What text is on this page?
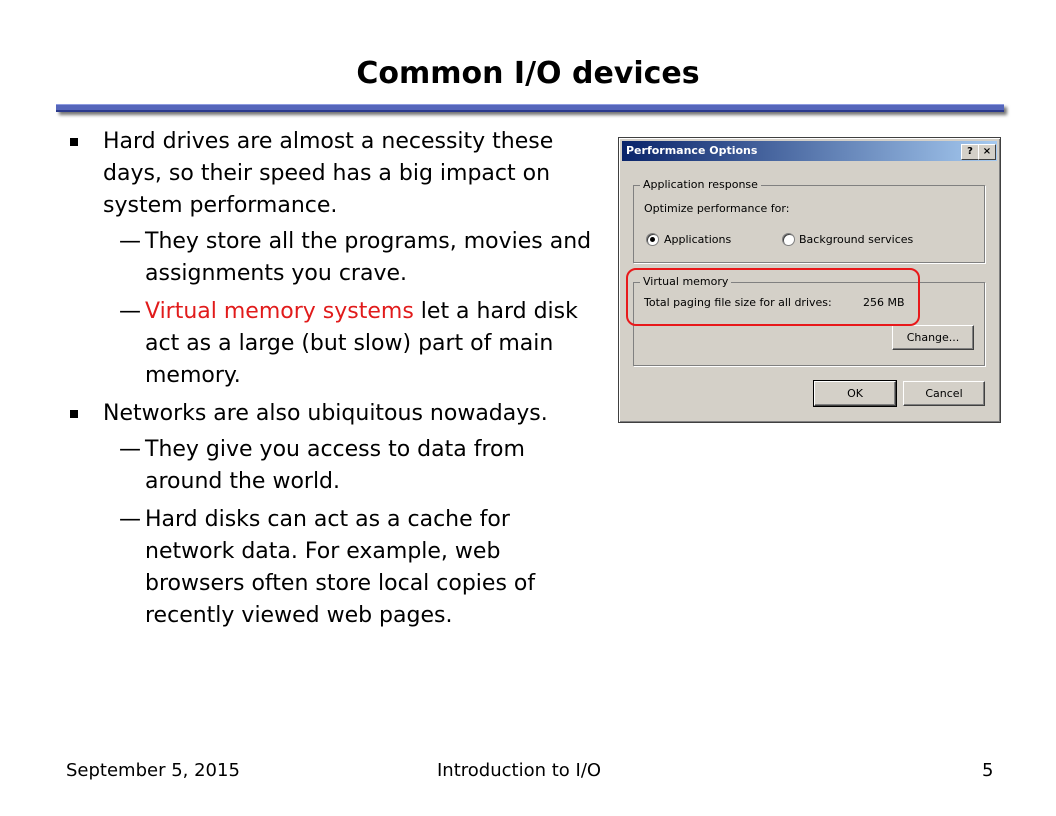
Common I/O devices
Hard drives are almost a necessity these days, so their speed has a big impact on system performance.
— They store all the programs, movies and assignments you crave.
— Virtual memory systems let a hard disk act as a large (but slow) part of main memory.
Networks are also ubiquitous nowadays.
— They give you access to data from around the world.
— Hard disks can act as a cache for network data. For example, web browsers often store local copies of recently viewed web pages.
Performance Options	? ×
Application response
Optimize performance for:
Applications	Background services
Virtual memory
Total paging file size for all drives:	256 MB
Change...
OK	Cancel
September 5, 2015	Introduction to I/O	5
